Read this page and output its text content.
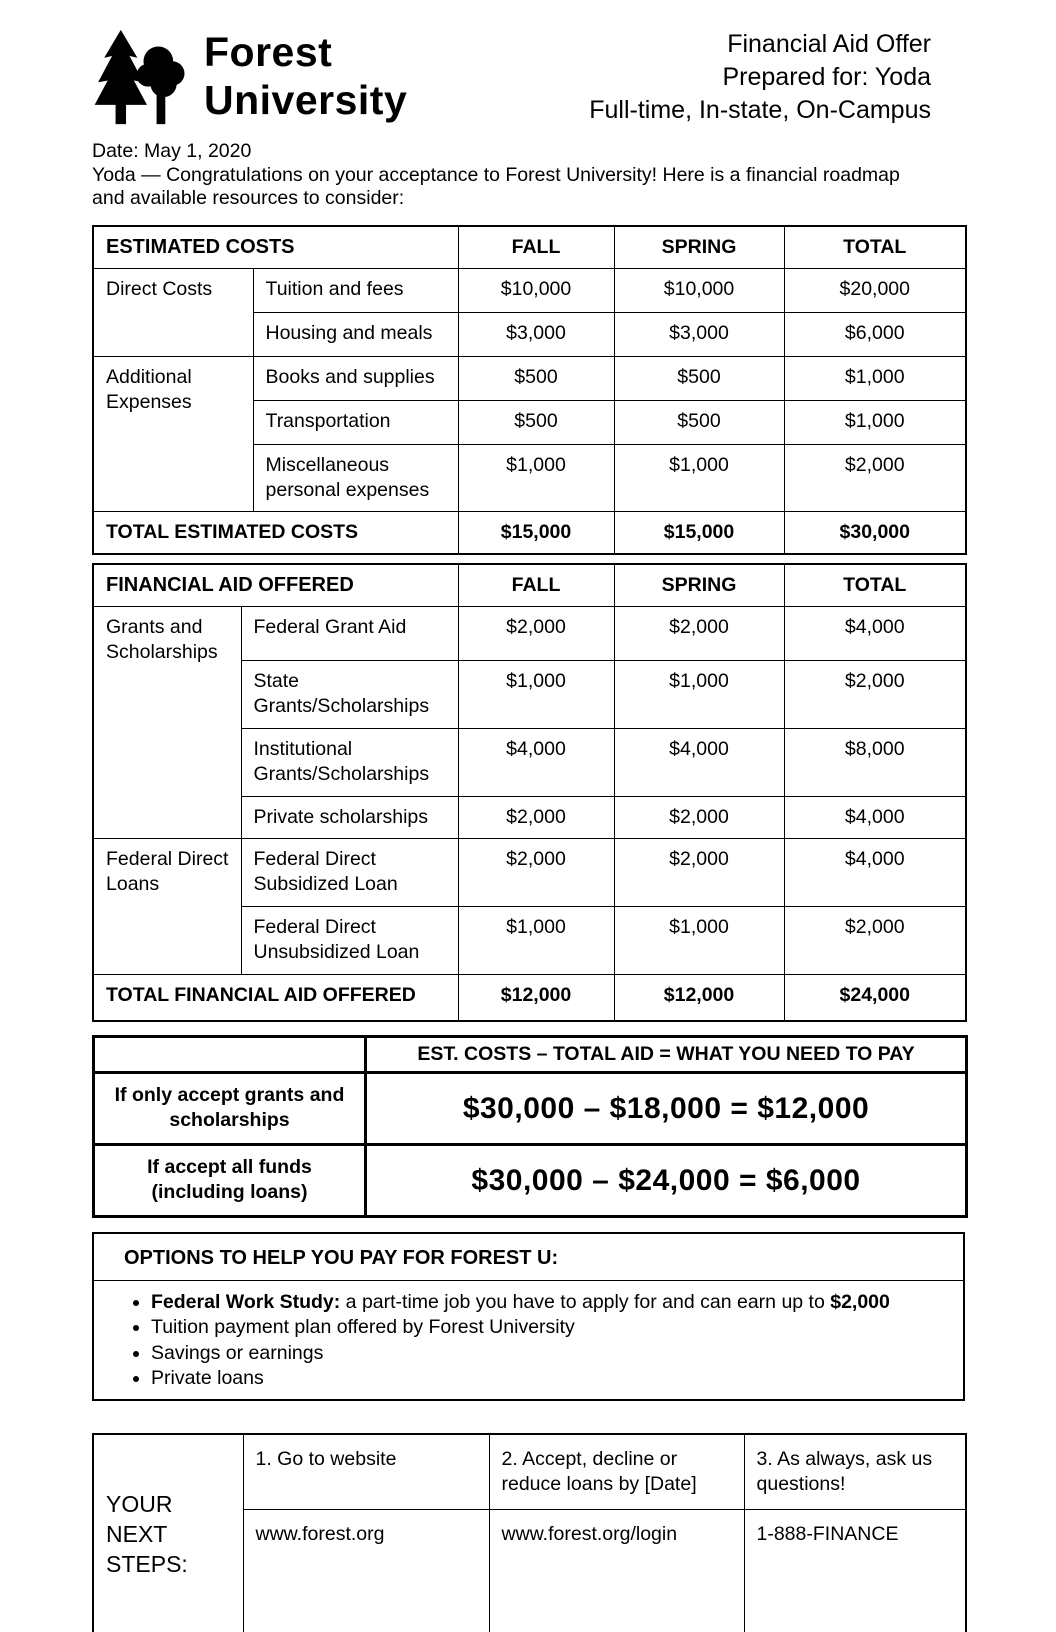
Forest
University
Financial Aid Offer
Prepared for: Yoda
Full-time, In-state, On-Campus
Date: May 1, 2020
Yoda — Congratulations on your acceptance to Forest University! Here is a financial roadmap and available resources to consider:
ESTIMATED COSTS		FALL	SPRING	TOTAL
Direct Costs	Tuition and fees	$10,000	$10,000	$20,000
	Housing and meals	$3,000	$3,000	$6,000
Additional Expenses	Books and supplies	$500	$500	$1,000
	Transportation	$500	$500	$1,000
	Miscellaneous personal expenses	$1,000	$1,000	$2,000
TOTAL ESTIMATED COSTS		$15,000	$15,000	$30,000
FINANCIAL AID OFFERED		FALL	SPRING	TOTAL
Grants and Scholarships	Federal Grant Aid	$2,000	$2,000	$4,000
	State Grants/Scholarships	$1,000	$1,000	$2,000
	Institutional Grants/Scholarships	$4,000	$4,000	$8,000
	Private scholarships	$2,000	$2,000	$4,000
Federal Direct Loans	Federal Direct Subsidized Loan	$2,000	$2,000	$4,000
	Federal Direct Unsubsidized Loan	$1,000	$1,000	$2,000
TOTAL FINANCIAL AID OFFERED		$12,000	$12,000	$24,000
	EST. COSTS – TOTAL AID = WHAT YOU NEED TO PAY
If only accept grants and scholarships	$30,000 – $18,000 = $12,000
If accept all funds (including loans)	$30,000 – $24,000 = $6,000
OPTIONS TO HELP YOU PAY FOR FOREST U:
• Federal Work Study: a part-time job you have to apply for and can earn up to $2,000
• Tuition payment plan offered by Forest University
• Savings or earnings
• Private loans
YOUR NEXT STEPS:	1. Go to website	2. Accept, decline or reduce loans by [Date]	3. As always, ask us questions!
	www.forest.org	www.forest.org/login	1-888-FINANCE
